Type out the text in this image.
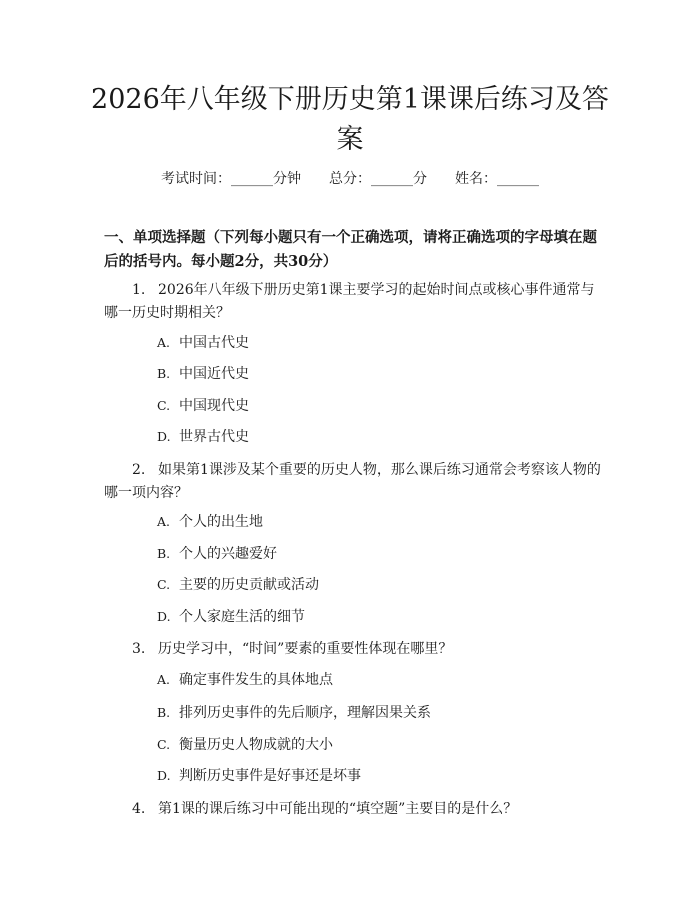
2026年八年级下册历史第1课课后练习及答案
考试时间：______分钟 总分：______分 姓名：______
一、单项选择题（下列每小题只有一个正确选项，请将正确选项的字母填在题后的括号内。每小题2分，共30分）
1. 2026年八年级下册历史第1课主要学习的起始时间点或核心事件通常与哪一历史时期相关？
A. 中国古代史
B. 中国近代史
C. 中国现代史
D. 世界古代史
2. 如果第1课涉及某个重要的历史人物，那么课后练习通常会考察该人物的哪一项内容？
A. 个人的出生地
B. 个人的兴趣爱好
C. 主要的历史贡献或活动
D. 个人家庭生活的细节
3. 历史学习中，“时间”要素的重要性体现在哪里？
A. 确定事件发生的具体地点
B. 排列历史事件的先后顺序，理解因果关系
C. 衡量历史人物成就的大小
D. 判断历史事件是好事还是坏事
4. 第1课的课后练习中可能出现的“填空题”主要目的是什么？
